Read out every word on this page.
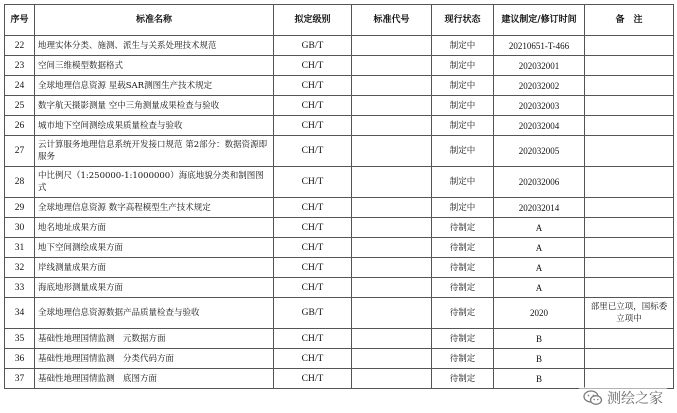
序号	标准名称	拟定级别	标准代号	现行状态	建议制定/修订时间	备　注
22	地理实体分类、施测、派生与关系处理技术规范	GB/T		制定中	20210651-T-466	
23	空间三维模型数据格式	CH/T		制定中	202032001	
24	全球地理信息资源 星载SAR测图生产技术规定	CH/T		制定中	202032002	
25	数字航天摄影测量 空中三角测量成果检查与验收	CH/T		制定中	202032003	
26	城市地下空间测绘成果质量检查与验收	CH/T		制定中	202032004	
27	云计算服务地理信息系统开发接口规范 第2部分：数据资源即服务	CH/T		制定中	202032005	
28	中比例尺（1:250000-1:1000000）海底地貌分类和制图图式	CH/T		制定中	202032006	
29	全球地理信息资源 数字高程模型生产技术规定	CH/T		制定中	202032014	
30	地名地址成果方面	CH/T		待制定	A	
31	地下空间测绘成果方面	CH/T		待制定	A	
32	岸线测量成果方面	CH/T		待制定	A	
33	海底地形测量成果方面	CH/T		待制定	A	
34	全球地理信息资源数据产品质量检查与验收	GB/T		待制定	2020	部里已立项，国标委立项中
35	基础性地理国情监测　元数据方面	CH/T		待制定	B	
36	基础性地理国情监测　分类代码方面	CH/T		待制定	B	
37	基础性地理国情监测　底图方面	CH/T		待制定	B	
测绘之家
